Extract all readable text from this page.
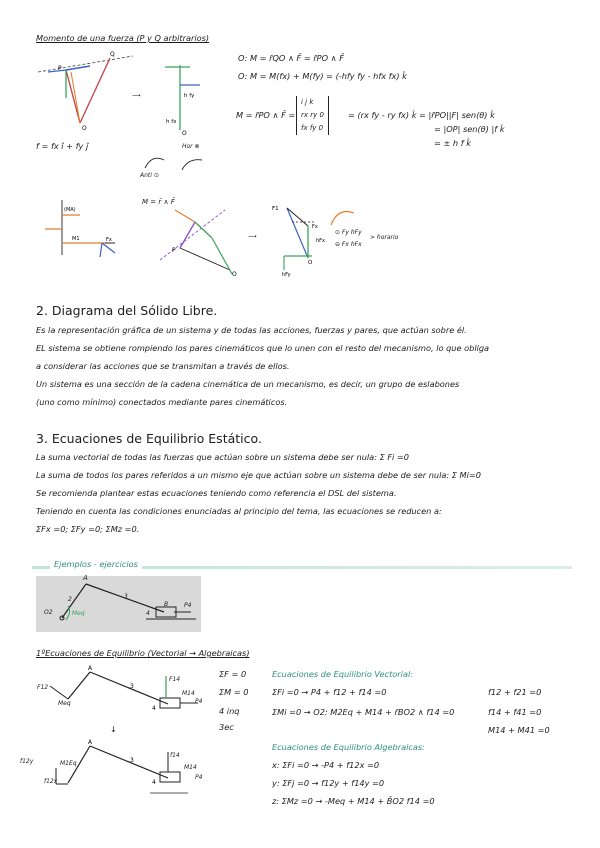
Momento de una fuerza (P y Q arbitrarios)
O
Q
P
⟶	h fy
h fx
O
O: M = r̄QO ∧ F̄ = r̄PO ∧ F̄
O: M = M(fx) + M(fy) = (-hfy fy - hfx fx) k̂
M = r̄PO ∧ F̄ =
i j k
rx ry 0
fx fy 0
= (rx fy - ry fx) k̂ = |r̄PO||F| sen(θ) k̂
= |OP| sen(θ) |f k̂
= ± h f k̂
f = fx î + fy ĵ	Hor ⊗
Anti ⊙
(MA)
M1	Fx
M = r̄ ∧ F̄
O
P
⟶
F1
Fx
hFx
hFy
O
⊙ Fy hFy
⊖ Fx hFx
> horario
2. Diagrama del Sólido Libre.
Es la representación gráfica de un sistema y de todas las acciones, fuerzas y pares, que actúan sobre él.
EL sistema se obtiene rompiendo los pares cinemáticos que lo unen con el resto del mecanismo, lo que obliga
a considerar las acciones que se transmitan a través de ellos.
Un sistema es una sección de la cadena cinemática de un mecanismo, es decir, un grupo de eslabones
(uno como mínimo) conectados mediante pares cinemáticos.
3. Ecuaciones de Equilibrio Estático.
La suma vectorial de todas las fuerzas que actúan sobre un sistema debe ser nula: Σ Fi =0
La suma de todos los pares referidos a un mismo eje que actúan sobre un sistema debe de ser nula: Σ Mi=0
Se recomienda plantear estas ecuaciones teniendo como referencia el DSL del sistema.
Teniendo en cuenta las condiciones enunciadas al principio del tema, las ecuaciones se reducen a:
ΣFx =0; ΣFy =0; ΣMz =0.
Ejemplos - ejercicios
A
2	3
B
4
O2	Meq
P4
1ºEcuaciones de Equilibrio (Vectorial → Algebraicas)
A
3
4
F12
Meq
F14
M14
P4
↓
A
3
4
f12y
f12x
M1Eq
f14
M14
P4
ΣF = 0
ΣM = 0
4 inq
3ec
Ecuaciones de Equilibrio Vectorial:
ΣFi =0 → P4 + f12 + f14 =0
ΣMi =0 → O2: M2Eq + M14 + r̄BO2 ∧ f14 =0
f12 + f21 =0
f14 + f41 =0
M14 + M41 =0
Ecuaciones de Equilibrio Algebraicas:
x: ΣFi =0 → -P4 + f12x =0
y: ΣFj =0 → f12y + f14y =0
z: ΣMz =0 → -Meq + M14 + B̄O2 f14 =0
